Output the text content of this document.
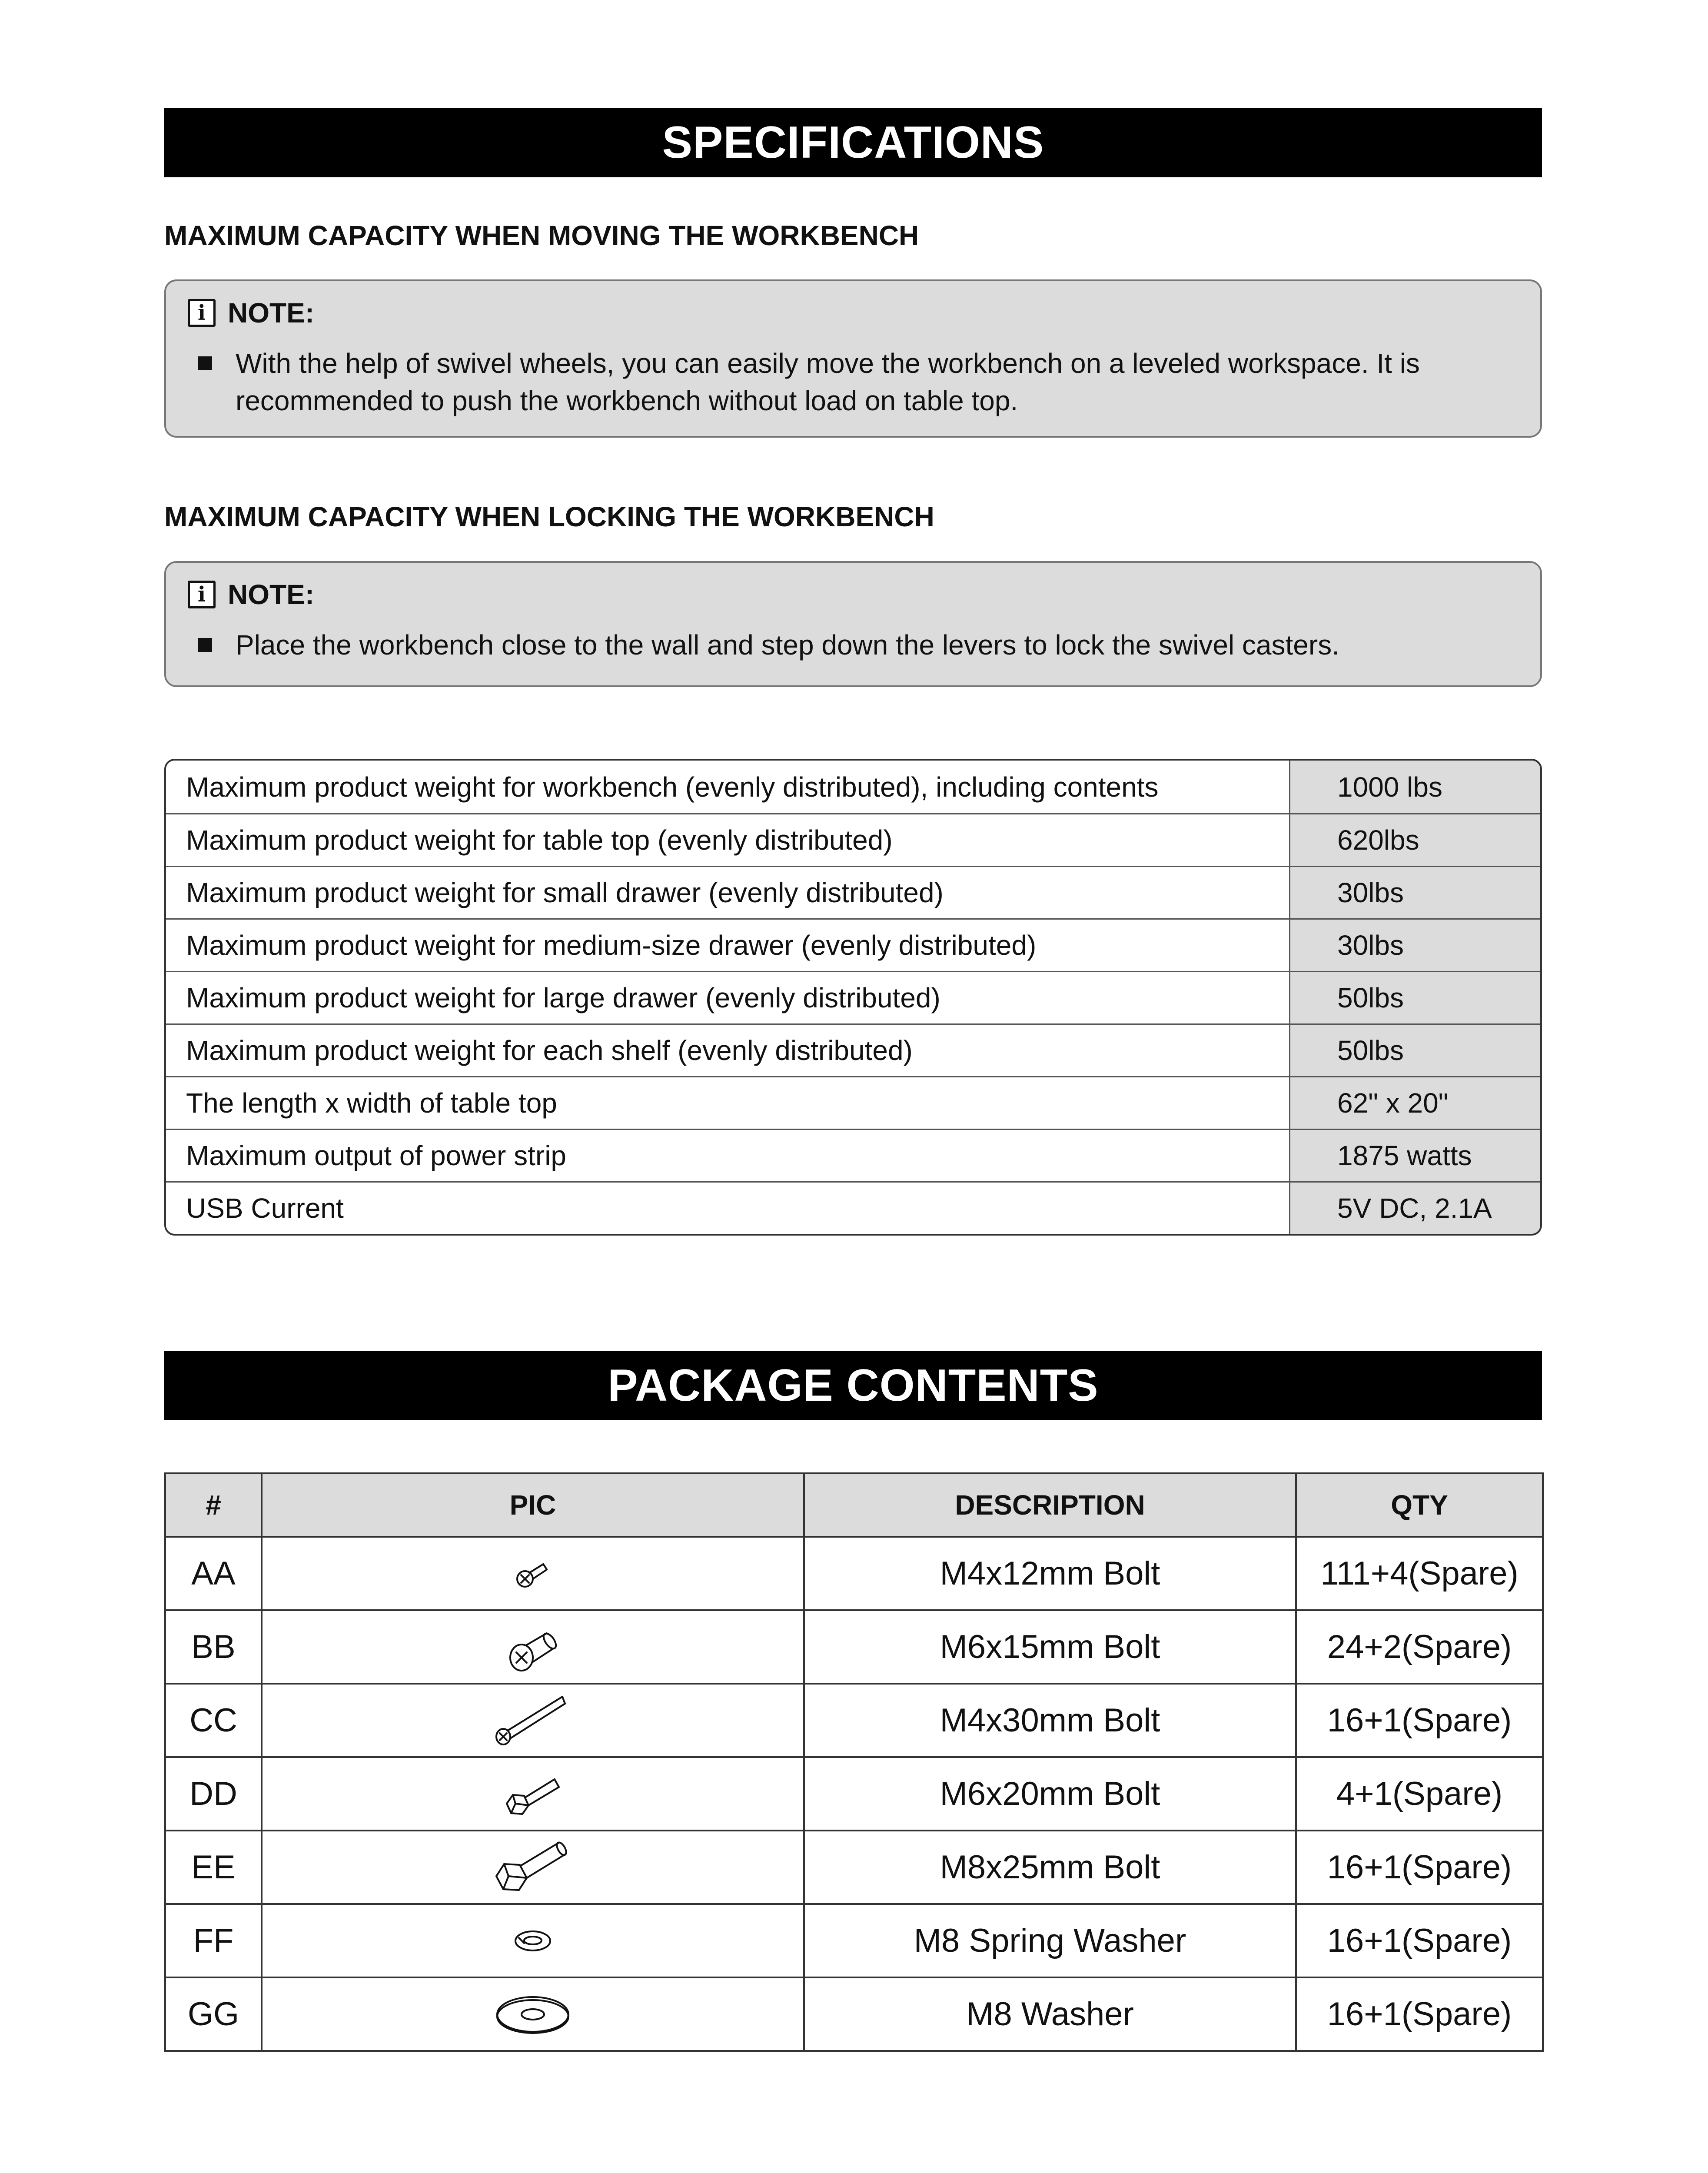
SPECIFICATIONS
MAXIMUM CAPACITY WHEN MOVING THE WORKBENCH
i NOTE:
With the help of swivel wheels, you can easily move the workbench on a leveled workspace. It is recommended to push the workbench without load on table top.
MAXIMUM CAPACITY WHEN LOCKING THE WORKBENCH
i NOTE:
Place the workbench close to the wall and step down the levers to lock the swivel casters.
Maximum product weight for workbench (evenly distributed), including contents	1000 lbs
Maximum product weight for table top (evenly distributed)	620lbs
Maximum product weight for small drawer (evenly distributed)	30lbs
Maximum product weight for medium-size drawer (evenly distributed)	30lbs
Maximum product weight for large drawer (evenly distributed)	50lbs
Maximum product weight for each shelf (evenly distributed)	50lbs
The length x width of table top	62" x 20"
Maximum output of power strip	1875 watts
USB Current	5V DC, 2.1A
PACKAGE CONTENTS
#	PIC	DESCRIPTION	QTY
AA		M4x12mm Bolt	111+4(Spare)
BB		M6x15mm Bolt	24+2(Spare)
CC		M4x30mm Bolt	16+1(Spare)
DD		M6x20mm Bolt	4+1(Spare)
EE		M8x25mm Bolt	16+1(Spare)
FF		M8 Spring Washer	16+1(Spare)
GG		M8 Washer	16+1(Spare)
